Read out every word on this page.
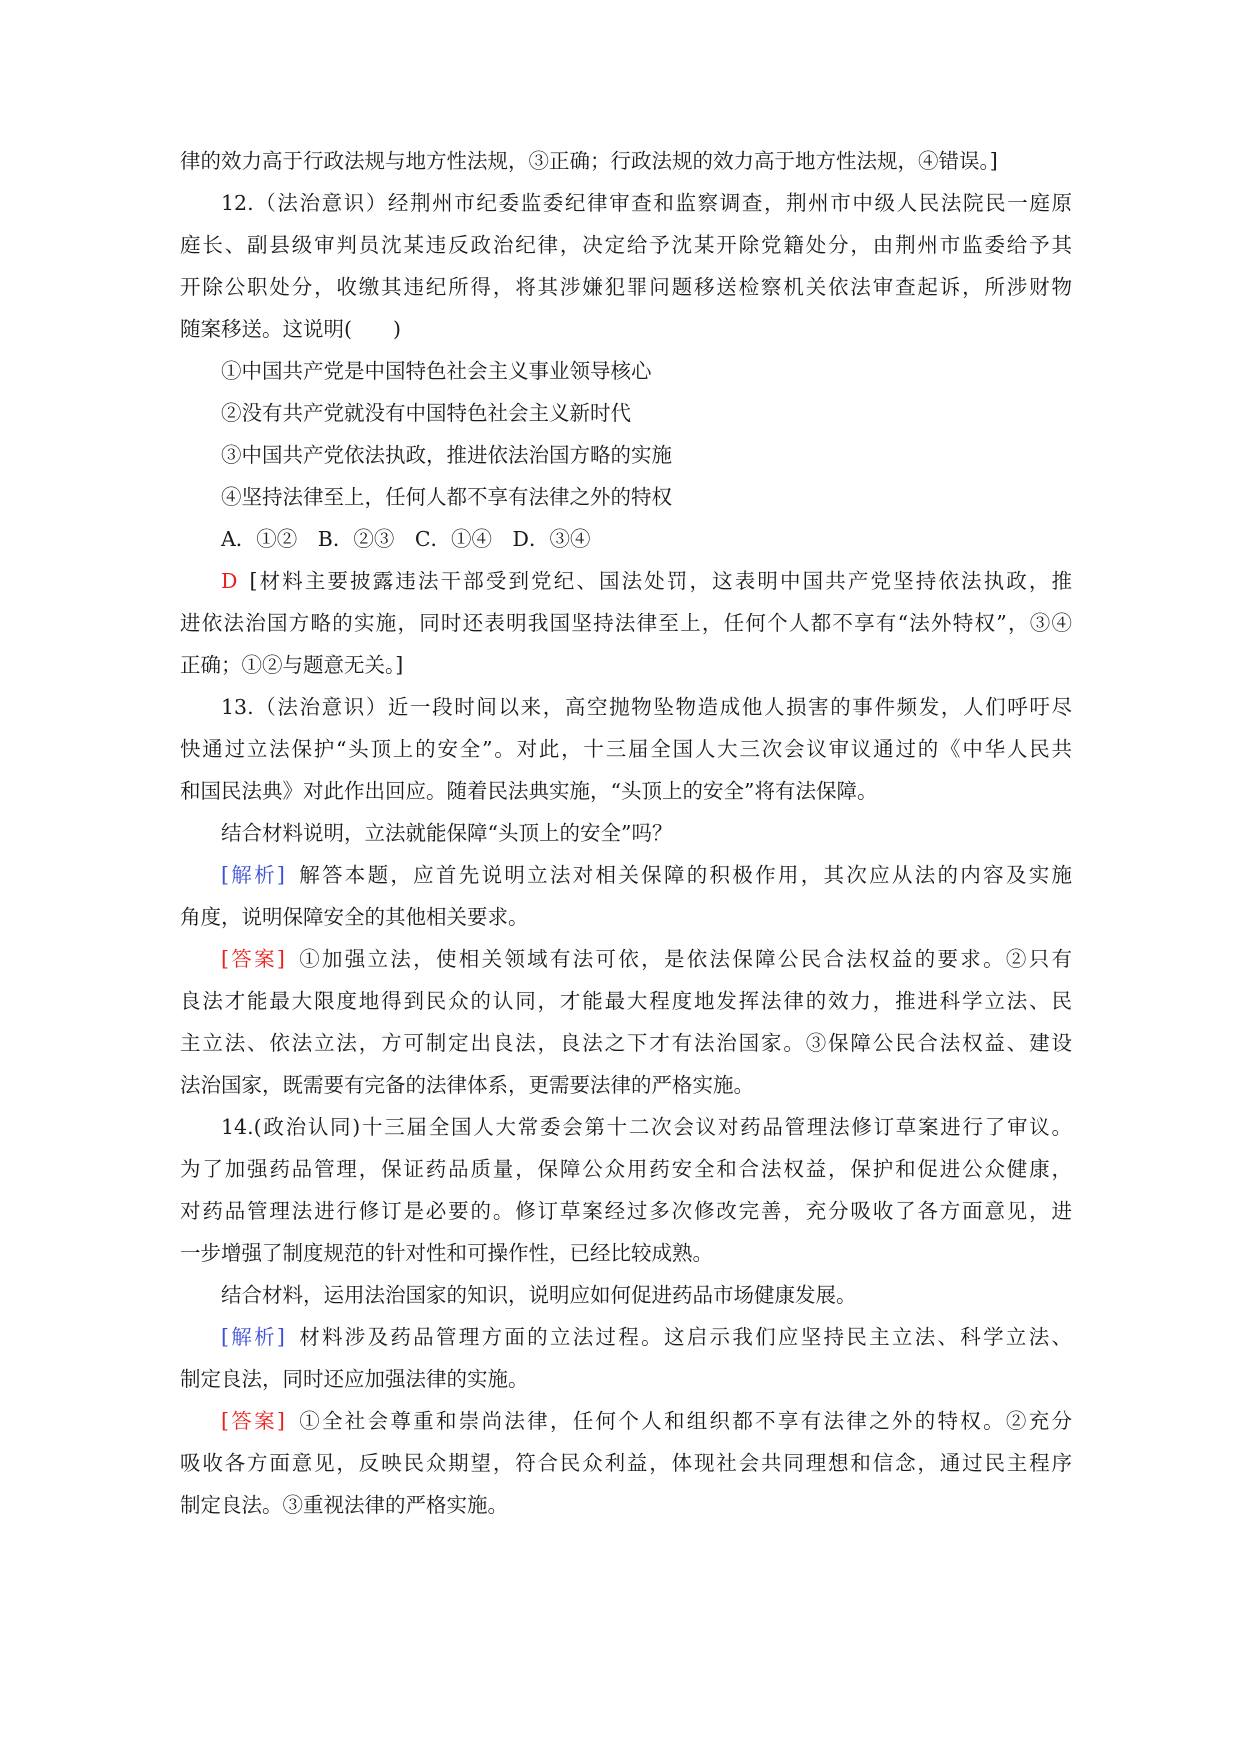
律的效力高于行政法规与地方性法规，③正确；行政法规的效力高于地方性法规，④错误。]
12.（法治意识）经荆州市纪委监委纪律审查和监察调查，荆州市中级人民法院民一庭原
庭长、副县级审判员沈某违反政治纪律，决定给予沈某开除党籍处分，由荆州市监委给予其
开除公职处分，收缴其违纪所得，将其涉嫌犯罪问题移送检察机关依法审查起诉，所涉财物
随案移送。这说明(　　)
①中国共产党是中国特色社会主义事业领导核心
②没有共产党就没有中国特色社会主义新时代
③中国共产党依法执政，推进依法治国方略的实施
④坚持法律至上，任何人都不享有法律之外的特权
A．①②　B．②③　C．①④　D．③④
D [材料主要披露违法干部受到党纪、国法处罚，这表明中国共产党坚持依法执政，推
进依法治国方略的实施，同时还表明我国坚持法律至上，任何个人都不享有“法外特权”，③④
正确；①②与题意无关。]
13.（法治意识）近一段时间以来，高空抛物坠物造成他人损害的事件频发，人们呼吁尽
快通过立法保护“头顶上的安全”。对此，十三届全国人大三次会议审议通过的《中华人民共
和国民法典》对此作出回应。随着民法典实施，“头顶上的安全”将有法保障。
结合材料说明，立法就能保障“头顶上的安全”吗？
[解析] 解答本题，应首先说明立法对相关保障的积极作用，其次应从法的内容及实施
角度，说明保障安全的其他相关要求。
[答案] ①加强立法，使相关领域有法可依，是依法保障公民合法权益的要求。②只有
良法才能最大限度地得到民众的认同，才能最大程度地发挥法律的效力，推进科学立法、民
主立法、依法立法，方可制定出良法，良法之下才有法治国家。③保障公民合法权益、建设
法治国家，既需要有完备的法律体系，更需要法律的严格实施。
14.(政治认同)十三届全国人大常委会第十二次会议对药品管理法修订草案进行了审议。
为了加强药品管理，保证药品质量，保障公众用药安全和合法权益，保护和促进公众健康，
对药品管理法进行修订是必要的。修订草案经过多次修改完善，充分吸收了各方面意见，进
一步增强了制度规范的针对性和可操作性，已经比较成熟。
结合材料，运用法治国家的知识，说明应如何促进药品市场健康发展。
[解析] 材料涉及药品管理方面的立法过程。这启示我们应坚持民主立法、科学立法、
制定良法，同时还应加强法律的实施。
[答案] ①全社会尊重和崇尚法律，任何个人和组织都不享有法律之外的特权。②充分
吸收各方面意见，反映民众期望，符合民众利益，体现社会共同理想和信念，通过民主程序
制定良法。③重视法律的严格实施。
